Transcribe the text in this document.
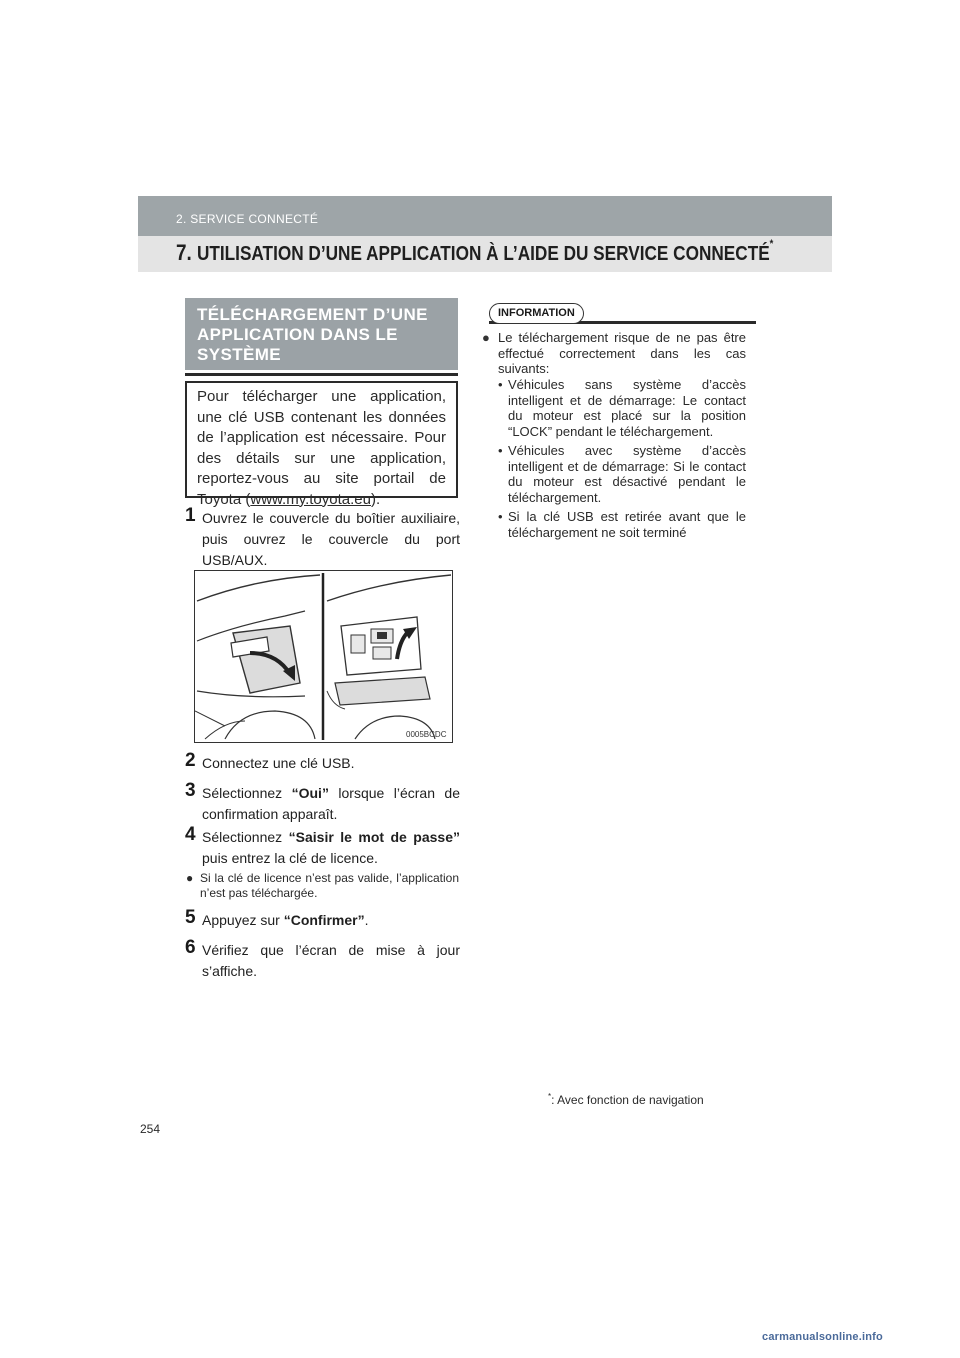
2. SERVICE CONNECTÉ
7. UTILISATION D’UNE APPLICATION À L’AIDE DU SERVICE CONNECTÉ*
TÉLÉCHARGEMENT D’UNE APPLICATION DANS LE SYSTÈME
Pour télécharger une application, une clé USB contenant les données de l’application est nécessaire. Pour des détails sur une application, reportez-vous au site portail de Toyota (www.my.toyota.eu).
1 Ouvrez le couvercle du boîtier auxiliaire, puis ouvrez le couvercle du port USB/AUX.
0005BCDC
2 Connectez une clé USB.
3 Sélectionnez “Oui” lorsque l’écran de confirmation apparaît.
4 Sélectionnez “Saisir le mot de passe” puis entrez la clé de licence.
● Si la clé de licence n’est pas valide, l’application n’est pas téléchargée.
5 Appuyez sur “Confirmer”.
6 Vérifiez que l’écran de mise à jour s’affiche.
INFORMATION
● Le téléchargement risque de ne pas être effectué correctement dans les cas suivants:
• Véhicules sans système d’accès intelligent et de démarrage: Le contact du moteur est placé sur la position “LOCK” pendant le téléchargement.
• Véhicules avec système d’accès intelligent et de démarrage: Si le contact du moteur est désactivé pendant le téléchargement.
• Si la clé USB est retirée avant que le téléchargement ne soit terminé
*: Avec fonction de navigation
254
carmanualsonline.info
